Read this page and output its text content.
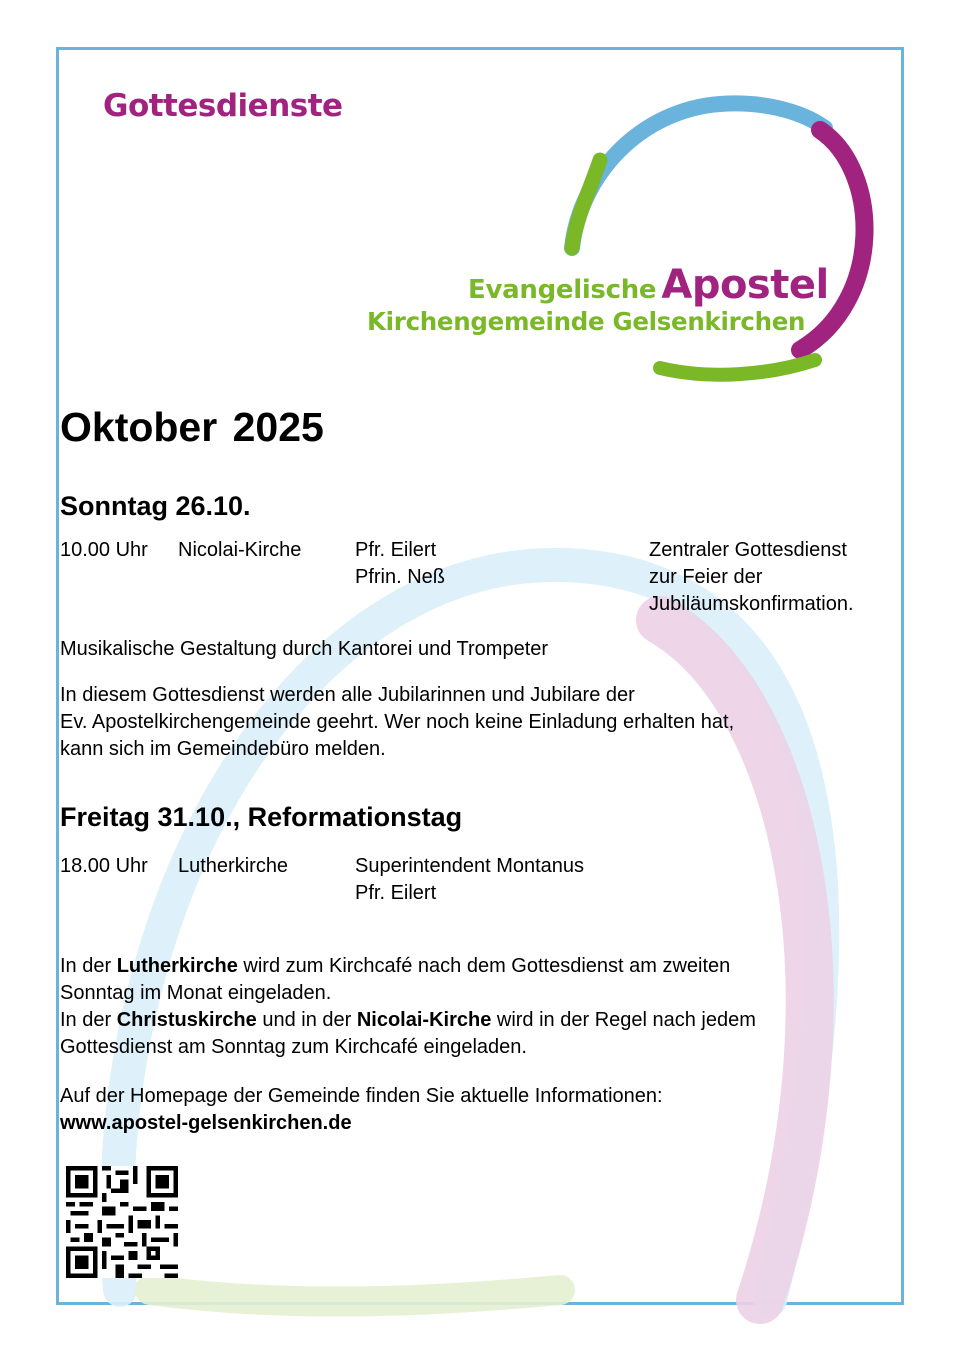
Gottesdienste
Evangelische Apostel
Kirchengemeinde Gelsenkirchen
Oktober 2025
Sonntag 26.10.
10.00 Uhr Nicolai-Kirche	Pfr. Eilert
Pfrin. Neß
Zentraler Gottesdienst
zur Feier der
Jubiläumskonfirmation.
Musikalische Gestaltung durch Kantorei und Trompeter
In diesem Gottesdienst werden alle Jubilarinnen und Jubilare der
Ev. Apostelkirchengemeinde geehrt. Wer noch keine Einladung erhalten hat,
kann sich im Gemeindebüro melden.
Freitag 31.10., Reformationstag
18.00 Uhr Lutherkirche	Superintendent Montanus
Pfr. Eilert
In der Lutherkirche wird zum Kirchcafé nach dem Gottesdienst am zweiten
Sonntag im Monat eingeladen.
In der Christuskirche und in der Nicolai-Kirche wird in der Regel nach jedem
Gottesdienst am Sonntag zum Kirchcafé eingeladen.
Auf der Homepage der Gemeinde finden Sie aktuelle Informationen:
www.apostel-gelsenkirchen.de
